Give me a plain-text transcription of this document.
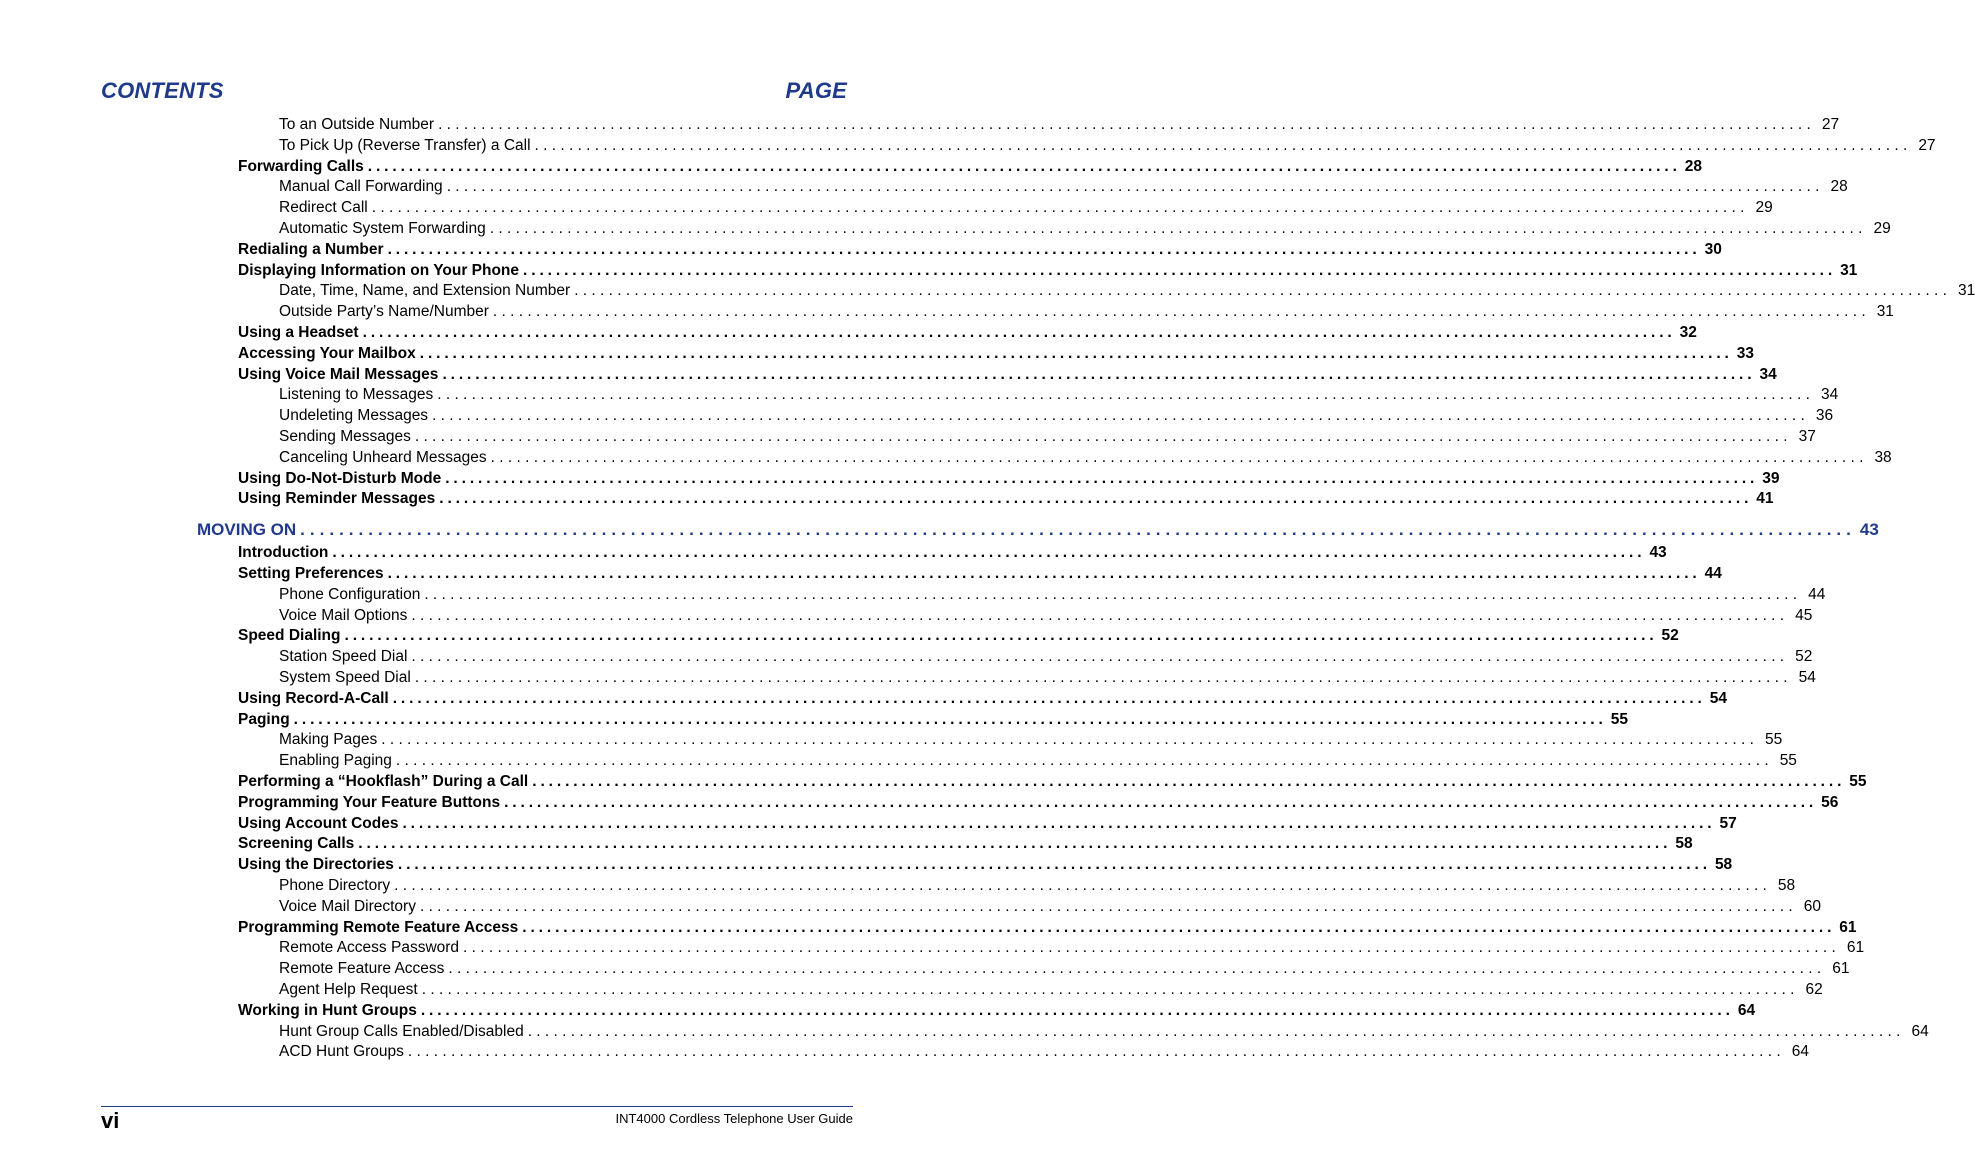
CONTENTS	PAGE
To an Outside Number ................................................................................................................................................................ 27
To Pick Up (Reverse Transfer) a Call ................................................................................................................................................................ 27
Forwarding Calls ................................................................................................................................................................ 28
Manual Call Forwarding ................................................................................................................................................................ 28
Redirect Call ................................................................................................................................................................ 29
Automatic System Forwarding ................................................................................................................................................................ 29
Redialing a Number ................................................................................................................................................................ 30
Displaying Information on Your Phone ................................................................................................................................................................ 31
Date, Time, Name, and Extension Number ................................................................................................................................................................ 31
Outside Party’s Name/Number ................................................................................................................................................................ 31
Using a Headset ................................................................................................................................................................ 32
Accessing Your Mailbox ................................................................................................................................................................ 33
Using Voice Mail Messages ................................................................................................................................................................ 34
Listening to Messages ................................................................................................................................................................ 34
Undeleting Messages ................................................................................................................................................................ 36
Sending Messages ................................................................................................................................................................ 37
Canceling Unheard Messages ................................................................................................................................................................ 38
Using Do-Not-Disturb Mode ................................................................................................................................................................ 39
Using Reminder Messages ................................................................................................................................................................ 41
MOVING ON ................................................................................................................................................................ 43
Introduction ................................................................................................................................................................ 43
Setting Preferences ................................................................................................................................................................ 44
Phone Configuration ................................................................................................................................................................ 44
Voice Mail Options ................................................................................................................................................................ 45
Speed Dialing ................................................................................................................................................................ 52
Station Speed Dial ................................................................................................................................................................ 52
System Speed Dial ................................................................................................................................................................ 54
Using Record-A-Call ................................................................................................................................................................ 54
Paging ................................................................................................................................................................ 55
Making Pages ................................................................................................................................................................ 55
Enabling Paging ................................................................................................................................................................ 55
Performing a “Hookflash” During a Call ................................................................................................................................................................ 55
Programming Your Feature Buttons ................................................................................................................................................................ 56
Using Account Codes ................................................................................................................................................................ 57
Screening Calls ................................................................................................................................................................ 58
Using the Directories ................................................................................................................................................................ 58
Phone Directory ................................................................................................................................................................ 58
Voice Mail Directory ................................................................................................................................................................ 60
Programming Remote Feature Access ................................................................................................................................................................ 61
Remote Access Password ................................................................................................................................................................ 61
Remote Feature Access ................................................................................................................................................................ 61
Agent Help Request ................................................................................................................................................................ 62
Working in Hunt Groups ................................................................................................................................................................ 64
Hunt Group Calls Enabled/Disabled ................................................................................................................................................................ 64
ACD Hunt Groups ................................................................................................................................................................ 64
vi	INT4000 Cordless Telephone User Guide
